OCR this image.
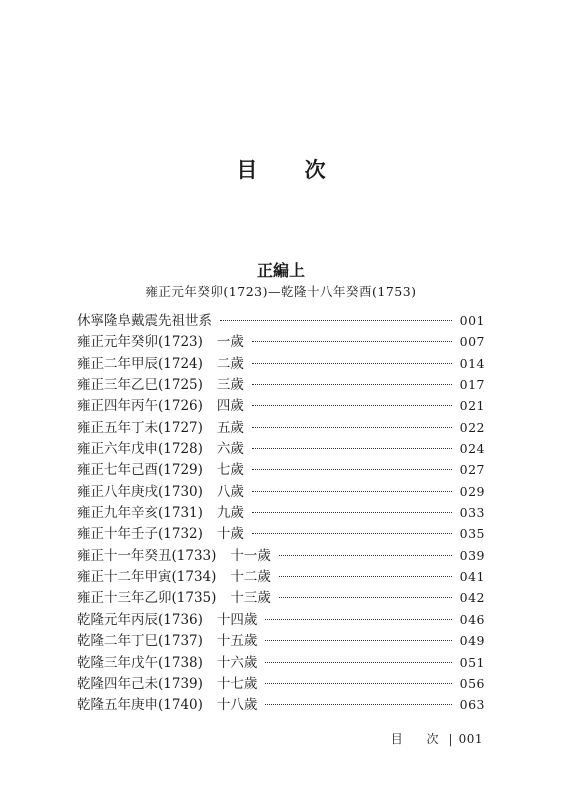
目 次
正編上
雍正元年癸卯(1723)—乾隆十八年癸酉(1753)
休寧隆阜戴震先祖世系	001
雍正元年癸卯(1723) 一歲	007
雍正二年甲辰(1724) 二歲	014
雍正三年乙巳(1725) 三歲	017
雍正四年丙午(1726) 四歲	021
雍正五年丁未(1727) 五歲	022
雍正六年戊申(1728) 六歲	024
雍正七年己酉(1729) 七歲	027
雍正八年庚戌(1730) 八歲	029
雍正九年辛亥(1731) 九歲	033
雍正十年壬子(1732) 十歲	035
雍正十一年癸丑(1733) 十一歲	039
雍正十二年甲寅(1734) 十二歲	041
雍正十三年乙卯(1735) 十三歲	042
乾隆元年丙辰(1736) 十四歲	046
乾隆二年丁巳(1737) 十五歲	049
乾隆三年戊午(1738) 十六歲	051
乾隆四年己未(1739) 十七歲	056
乾隆五年庚申(1740) 十八歲	063
目 次 | 001
